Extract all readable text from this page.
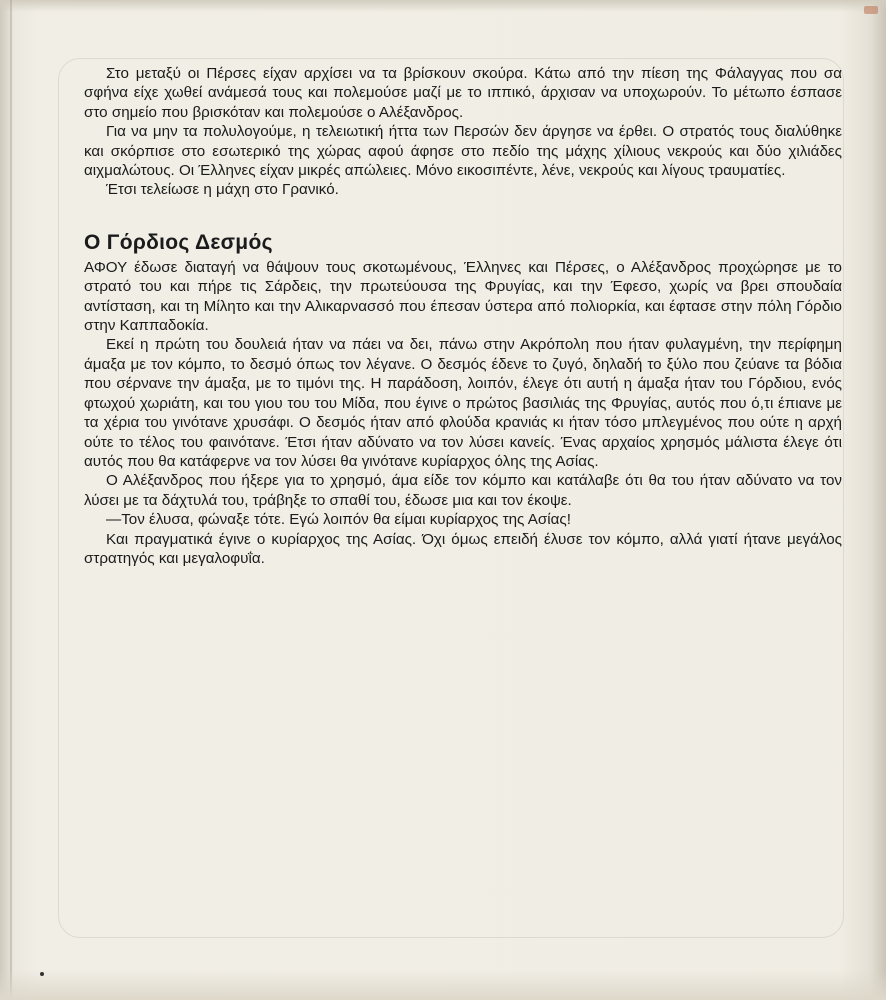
Στο μεταξύ οι Πέρσες είχαν αρχίσει να τα βρίσκουν σκούρα. Κάτω από την πίεση της Φάλαγγας που σα σφήνα είχε χωθεί ανάμεσά τους και πολεμούσε μαζί με το ιππικό, άρχισαν να υποχωρούν. Το μέτωπο έσπασε στο σημείο που βρισκόταν και πολεμούσε ο Αλέξανδρος.

Για να μην τα πολυλογούμε, η τελειωτική ήττα των Περσών δεν άργησε να έρθει. Ο στρατός τους διαλύθηκε και σκόρπισε στο εσωτερικό της χώρας αφού άφησε στο πεδίο της μάχης χίλιους νεκρούς και δύο χιλιάδες αιχμαλώτους. Οι Έλληνες είχαν μικρές απώλειες. Μόνο εικοσιπέντε, λένε, νεκρούς και λίγους τραυματίες.

Έτσι τελείωσε η μάχη στο Γρανικό.

Ο Γόρδιος Δεσμός

ΑΦΟΥ έδωσε διαταγή να θάψουν τους σκοτωμένους, Έλληνες και Πέρσες, ο Αλέξανδρος προχώρησε με το στρατό του και πήρε τις Σάρδεις, την πρωτεύουσα της Φρυγίας, και την Έφεσο, χωρίς να βρει σπουδαία αντίσταση, και τη Μίλητο και την Αλικαρνασσό που έπεσαν ύστερα από πολιορκία, και έφτασε στην πόλη Γόρδιο στην Καππαδοκία.

Εκεί η πρώτη του δουλειά ήταν να πάει να δει, πάνω στην Ακρόπολη που ήταν φυλαγμένη, την περίφημη άμαξα με τον κόμπο, το δεσμό όπως τον λέγανε. Ο δεσμός έδενε το ζυγό, δηλαδή το ξύλο που ζεύανε τα βόδια που σέρνανε την άμαξα, με το τιμόνι της. Η παράδοση, λοιπόν, έλεγε ότι αυτή η άμαξα ήταν του Γόρδιου, ενός φτωχού χωριάτη, και του γιου του του Μίδα, που έγινε ο πρώτος βασιλιάς της Φρυγίας, αυτός που ό,τι έπιανε με τα χέρια του γινότανε χρυσάφι. Ο δεσμός ήταν από φλούδα κρανιάς κι ήταν τόσο μπλεγμένος που ούτε η αρχή ούτε το τέλος του φαινότανε. Έτσι ήταν αδύνατο να τον λύσει κανείς. Ένας αρχαίος χρησμός μάλιστα έλεγε ότι αυτός που θα κατάφερνε να τον λύσει θα γινότανε κυρίαρχος όλης της Ασίας.

Ο Αλέξανδρος που ήξερε για το χρησμό, άμα είδε τον κόμπο και κατάλαβε ότι θα του ήταν αδύνατο να τον λύσει με τα δάχτυλά του, τράβηξε το σπαθί του, έδωσε μια και τον έκοψε.

—Τον έλυσα, φώναξε τότε. Εγώ λοιπόν θα είμαι κυρίαρχος της Ασίας!

Και πραγματικά έγινε ο κυρίαρχος της Ασίας. Όχι όμως επειδή έλυσε τον κόμπο, αλλά γιατί ήτανε μεγάλος στρατηγός και μεγαλοφυΐα.
